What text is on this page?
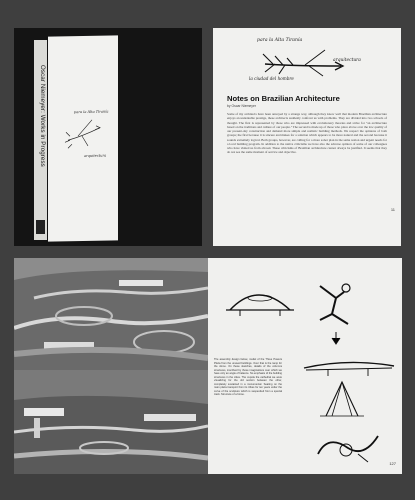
Oscar Niemeyer: Works in Progress	para la Alta Tiranía
arquitectura
para la Alta Tiranía
arquitectura
la ciudad del hombre
Notes on Brazilian Architecture
by Oscar Niemeyer
Some of my architects have been annoyed by a strange way, although they know well that modern Brazilian architecture enjoys an undeniable prestige, these architects suddenly confront us with problems. They are divided into two schools of thought. The first is represented by those who are impressed with evolutionary theories and strive for "an architecture based on the traditions and culture of our people." The second is made up of those who place above over the low quality of our present-day construction and demand more simple and realistic building methods. We respect the opinions of both groups; the first because it is sincere and makes for a solution which appears to be more natural and the second because it sounds extremely logical. Both groups, however, are calling for a more sober plan in the same notion and urgent needs for a local building program. In addition to the native criticisms we have also the adverse opinion of some of our colleagues who have visited us from abroad. These criticisms of Brazilian architecture cannot always be justified. It seems that they do not see the same moment of service and objective.
11
The assembly design below, model of the Three Powers Plaza from the unused buildings. Over that is the ramp for the dome. On these sketches, details of the columns structures, inscribed by those imaginations over which we have only an angle of balance. No emphasis of the building structures in the cities. The cupola the cathedral we were visualizing for the old section between the other, completely sustained in a monumental. Seating on the main plaza transport from its tribes for ten years under the curve of the sculpture which is suspended from a special track. Structure of a horse.
127
